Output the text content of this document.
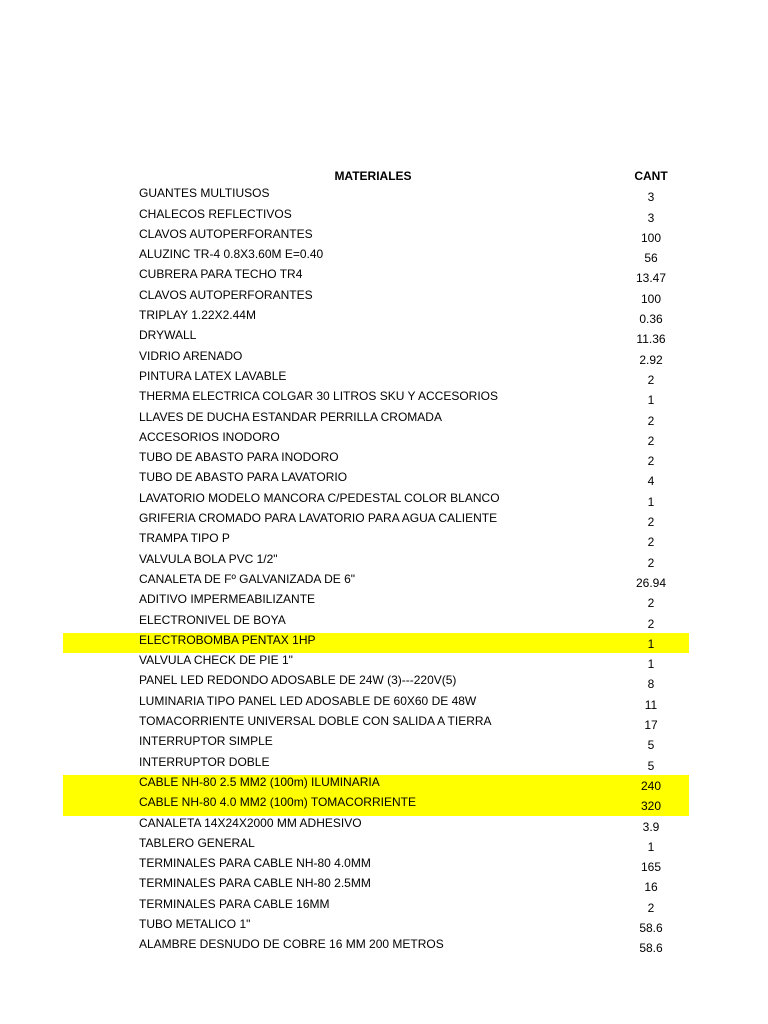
MATERIALES	CANT
GUANTES MULTIUSOS	3
CHALECOS REFLECTIVOS	3
CLAVOS AUTOPERFORANTES	100
ALUZINC TR-4 0.8X3.60M E=0.40	56
CUBRERA PARA TECHO TR4	13.47
CLAVOS AUTOPERFORANTES	100
TRIPLAY 1.22X2.44M	0.36
DRYWALL	11.36
VIDRIO ARENADO	2.92
PINTURA LATEX LAVABLE	2
THERMA ELECTRICA COLGAR 30 LITROS SKU Y ACCESORIOS	1
LLAVES DE DUCHA ESTANDAR PERRILLA CROMADA	2
ACCESORIOS INODORO	2
TUBO DE ABASTO PARA INODORO	2
TUBO DE ABASTO PARA LAVATORIO	4
LAVATORIO MODELO MANCORA C/PEDESTAL COLOR BLANCO	1
GRIFERIA CROMADO PARA LAVATORIO PARA AGUA CALIENTE	2
TRAMPA TIPO P	2
VALVULA BOLA PVC 1/2"	2
CANALETA DE Fº GALVANIZADA DE 6"	26.94
ADITIVO IMPERMEABILIZANTE	2
ELECTRONIVEL DE BOYA	2
ELECTROBOMBA PENTAX 1HP	1
VALVULA CHECK DE PIE 1"	1
PANEL LED REDONDO ADOSABLE DE 24W (3)---220V(5)	8
LUMINARIA TIPO PANEL LED ADOSABLE DE 60X60 DE 48W	11
TOMACORRIENTE UNIVERSAL DOBLE CON SALIDA A TIERRA	17
INTERRUPTOR SIMPLE	5
INTERRUPTOR DOBLE	5
CABLE NH-80 2.5 MM2 (100m) ILUMINARIA	240
CABLE NH-80 4.0 MM2 (100m) TOMACORRIENTE	320
CANALETA 14X24X2000 MM ADHESIVO	3.9
TABLERO GENERAL	1
TERMINALES PARA CABLE NH-80 4.0MM	165
TERMINALES PARA CABLE NH-80 2.5MM	16
TERMINALES PARA CABLE 16MM	2
TUBO METALICO 1"	58.6
ALAMBRE DESNUDO DE COBRE 16 MM 200 METROS	58.6
